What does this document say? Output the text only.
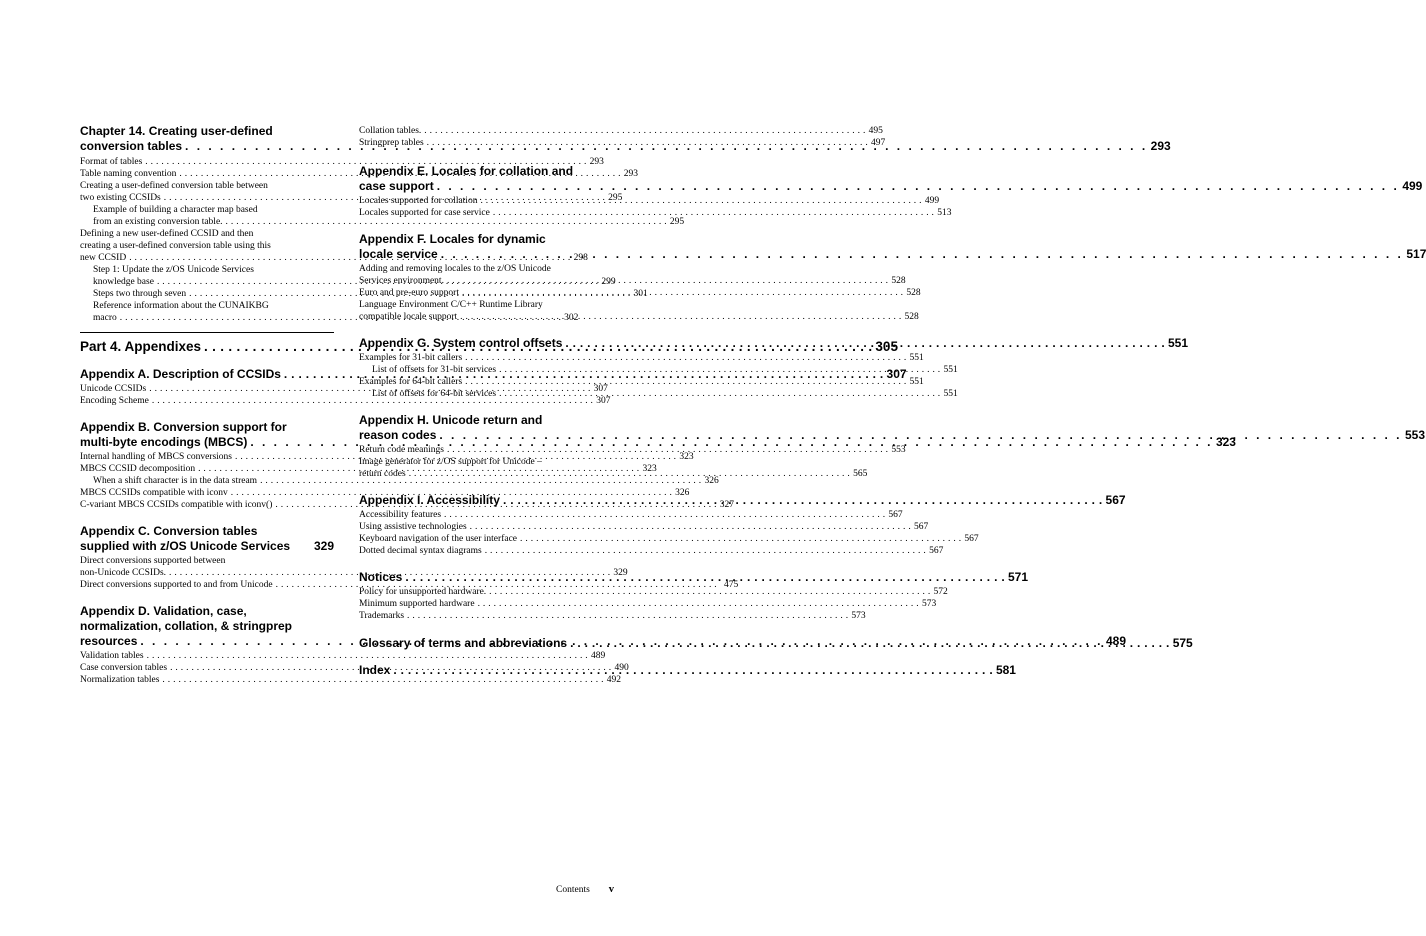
Chapter 14. Creating user-defined
conversion tables . . .	293
Format of tables . . .	293
Table naming convention . . .	293
Creating a user-defined conversion table between
two existing CCSIDs . . .	295
Example of building a character map based
from an existing conversion table. . . .	295
Defining a new user-defined CCSID and then
creating a user-defined conversion table using this
new CCSID . . .	298
Step 1: Update the z/OS Unicode Services
knowledge base . . .	299
Steps two through seven . . .	301
Reference information about the CUNAIKBG
macro . . .	302
Part 4. Appendixes . . .	305
Appendix A. Description of CCSIDs . . .	307
Unicode CCSIDs . . .	307
Encoding Scheme . . .	307
Appendix B. Conversion support for
multi-byte encodings (MBCS) . . .	323
Internal handling of MBCS conversions . . .	323
MBCS CCSID decomposition . . .	323
When a shift character is in the data stream . . .	326
MBCS CCSIDs compatible with iconv . . .	326
C-variant MBCS CCSIDs compatible with iconv() . . .	327
Appendix C. Conversion tables
supplied with z/OS Unicode Services 329
Direct conversions supported between
non-Unicode CCSIDs. . . .	329
Direct conversions supported to and from Unicode . . .	475
Appendix D. Validation, case,
normalization, collation, & stringprep
resources . . .	489
Validation tables . . .	489
Case conversion tables . . .	490
Normalization tables . . .	492
Collation tables. . . .	495
Stringprep tables . . .	497
Appendix E. Locales for collation and
case support . . .	499
Locales supported for collation . . .	499
Locales supported for case service . . .	513
Appendix F. Locales for dynamic
locale service . . .	517
Adding and removing locales to the z/OS Unicode
Services environment. . . .	528
Euro and pre-euro support . . .	528
Language Environment C/C++ Runtime Library
compatible locale support . . .	528
Appendix G. System control offsets . . .	551
Examples for 31-bit callers . . .	551
List of offsets for 31-bit services . . .	551
Examples for 64-bit callers . . .	551
List of offsets for 64-bit services . . .	551
Appendix H. Unicode return and
reason codes . . .	553
Return code meanings . . .	553
Image generator for z/OS support for Unicode –
return codes . . .	565
Appendix I. Accessibility . . .	567
Accessibility features . . .	567
Using assistive technologies . . .	567
Keyboard navigation of the user interface . . .	567
Dotted decimal syntax diagrams . . .	567
Notices . . .	571
Policy for unsupported hardware. . . .	572
Minimum supported hardware . . .	573
Trademarks . . .	573
Glossary of terms and abbreviations . . .	575
Index . . .	581
Contents v
